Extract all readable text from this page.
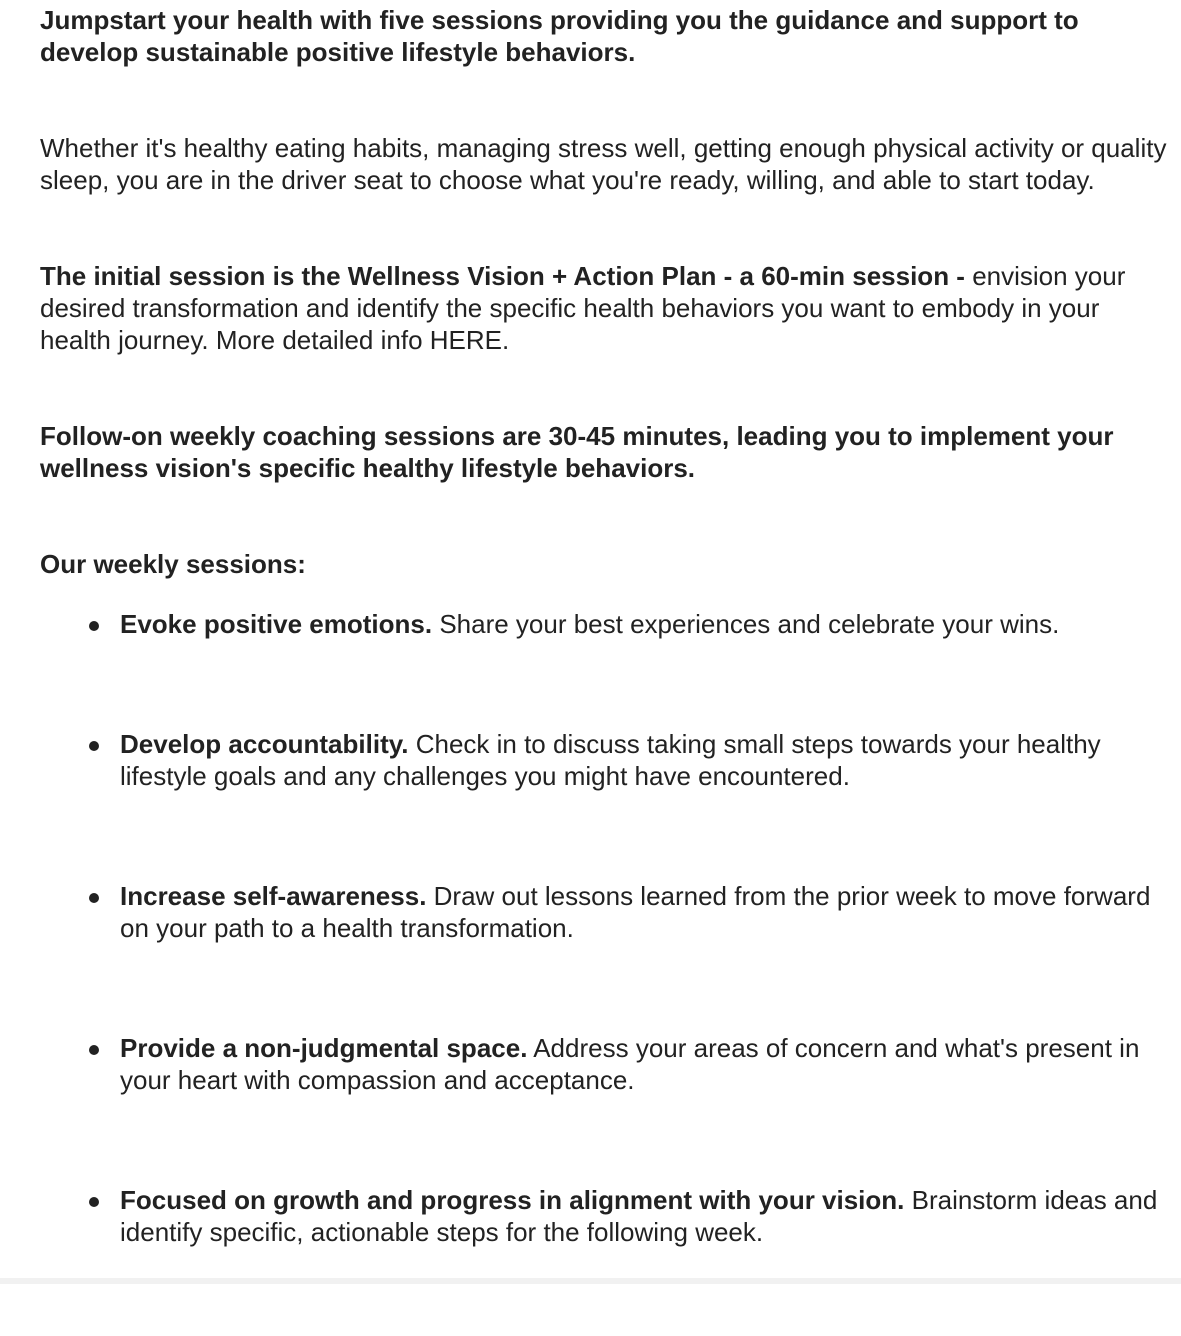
Jumpstart your health with five sessions providing you the guidance and support to develop sustainable positive lifestyle behaviors.

Whether it's healthy eating habits, managing stress well, getting enough physical activity or quality sleep, you are in the driver seat to choose what you're ready, willing, and able to start today.

The initial session is the Wellness Vision + Action Plan - a 60-min session - envision your desired transformation and identify the specific health behaviors you want to embody in your health journey. More detailed info HERE.

Follow-on weekly coaching sessions are 30-45 minutes, leading you to implement your wellness vision's specific healthy lifestyle behaviors.

Our weekly sessions:

Evoke positive emotions. Share your best experiences and celebrate your wins.
Develop accountability. Check in to discuss taking small steps towards your healthy lifestyle goals and any challenges you might have encountered.
Increase self-awareness. Draw out lessons learned from the prior week to move forward on your path to a health transformation.
Provide a non-judgmental space. Address your areas of concern and what's present in your heart with compassion and acceptance.
Focused on growth and progress in alignment with your vision. Brainstorm ideas and identify specific, actionable steps for the following week.
